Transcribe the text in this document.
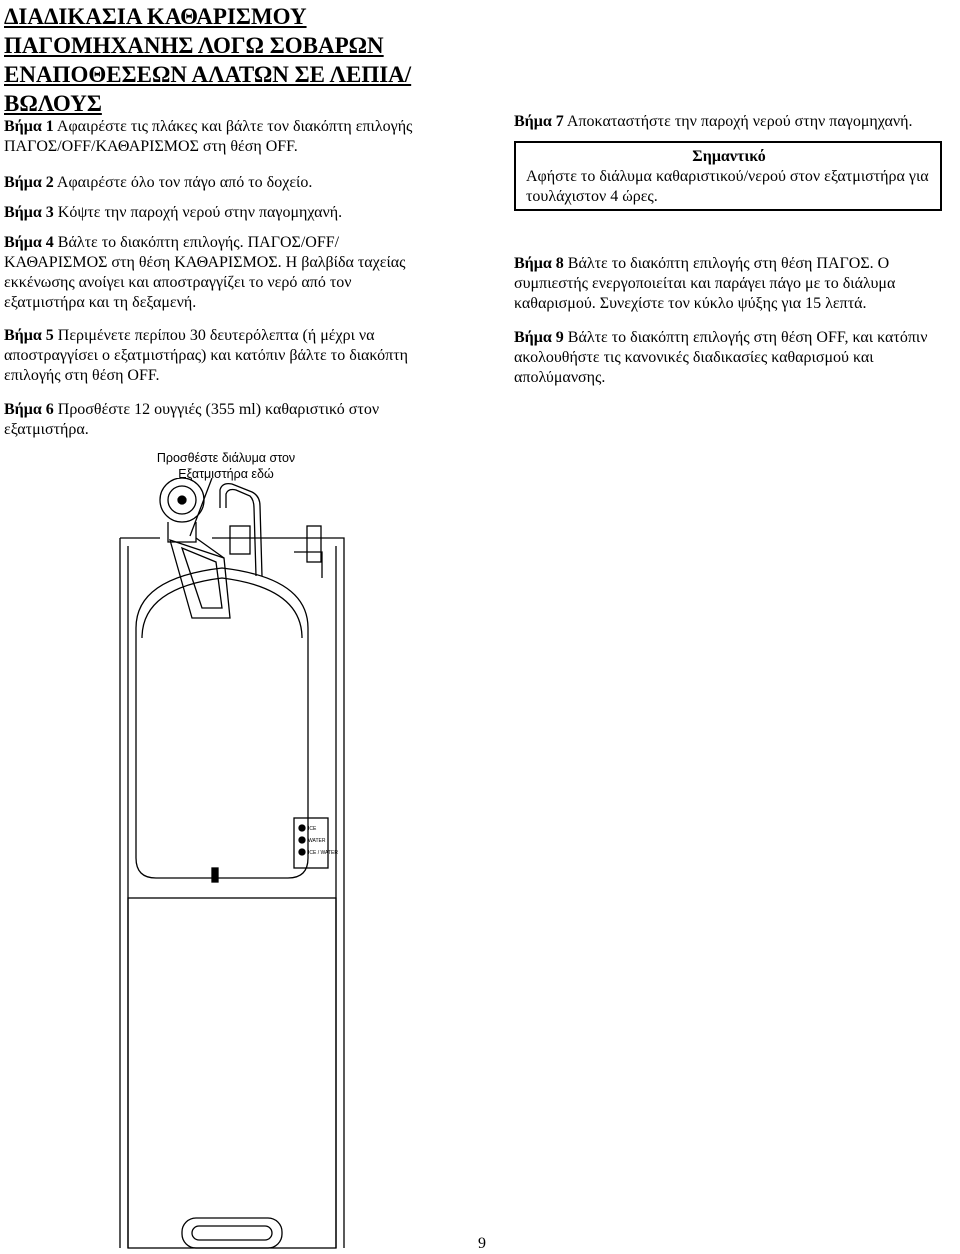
ΔΙΑΔΙΚΑΣΙΑ ΚΑΘΑΡΙΣΜΟΥ ΠΑΓΟΜΗΧΑΝΗΣ ΛΟΓΩ ΣΟΒΑΡΩΝ ΕΝΑΠΟΘΕΣΕΩΝ ΑΛΑΤΩΝ ΣΕ ΛΕΠΙΑ/ΒΩΛΟΥΣ

Βήμα 1 Αφαιρέστε τις πλάκες και βάλτε τον διακόπτη επιλογής ΠΑΓΟΣ/OFF/ΚΑΘΑΡΙΣΜΟΣ στη θέση OFF.

Βήμα 2 Αφαιρέστε όλο τον πάγο από το δοχείο.

Βήμα 3 Κόψτε την παροχή νερού στην παγομηχανή.

Βήμα 4 Βάλτε το διακόπτη επιλογής. ΠΑΓΟΣ/OFF/ΚΑΘΑΡΙΣΜΟΣ στη θέση ΚΑΘΑΡΙΣΜΟΣ. Η βαλβίδα ταχείας εκκένωσης ανοίγει και αποστραγγίζει το νερό από τον εξατμιστήρα και τη δεξαμενή.

Βήμα 5 Περιμένετε περίπου 30 δευτερόλεπτα (ή μέχρι να αποστραγγίσει ο εξατμιστήρας) και κατόπιν βάλτε το διακόπτη επιλογής στη θέση OFF.

Βήμα 6 Προσθέστε 12 ουγγιές (355 ml) καθαριστικό στον εξατμιστήρα.

Βήμα 7 Αποκαταστήστε την παροχή νερού στην παγομηχανή.

Σημαντικό
Αφήστε το διάλυμα καθαριστικού/νερού στον εξατμιστήρα για τουλάχιστον 4 ώρες.

Βήμα 8 Βάλτε το διακόπτη επιλογής στη θέση ΠΑΓΟΣ. Ο συμπιεστής ενεργοποιείται και παράγει πάγο με το διάλυμα καθαρισμού. Συνεχίστε τον κύκλο ψύξης για 15 λεπτά.

Βήμα 9 Βάλτε το διακόπτη επιλογής στη θέση OFF, και κατόπιν ακολουθήστε τις κανονικές διαδικασίες καθαρισμού και απολύμανσης.

Προσθέστε διάλυμα στον
Εξατμιστήρα εδώ
ICE
WATER
ICE / WATER
9
